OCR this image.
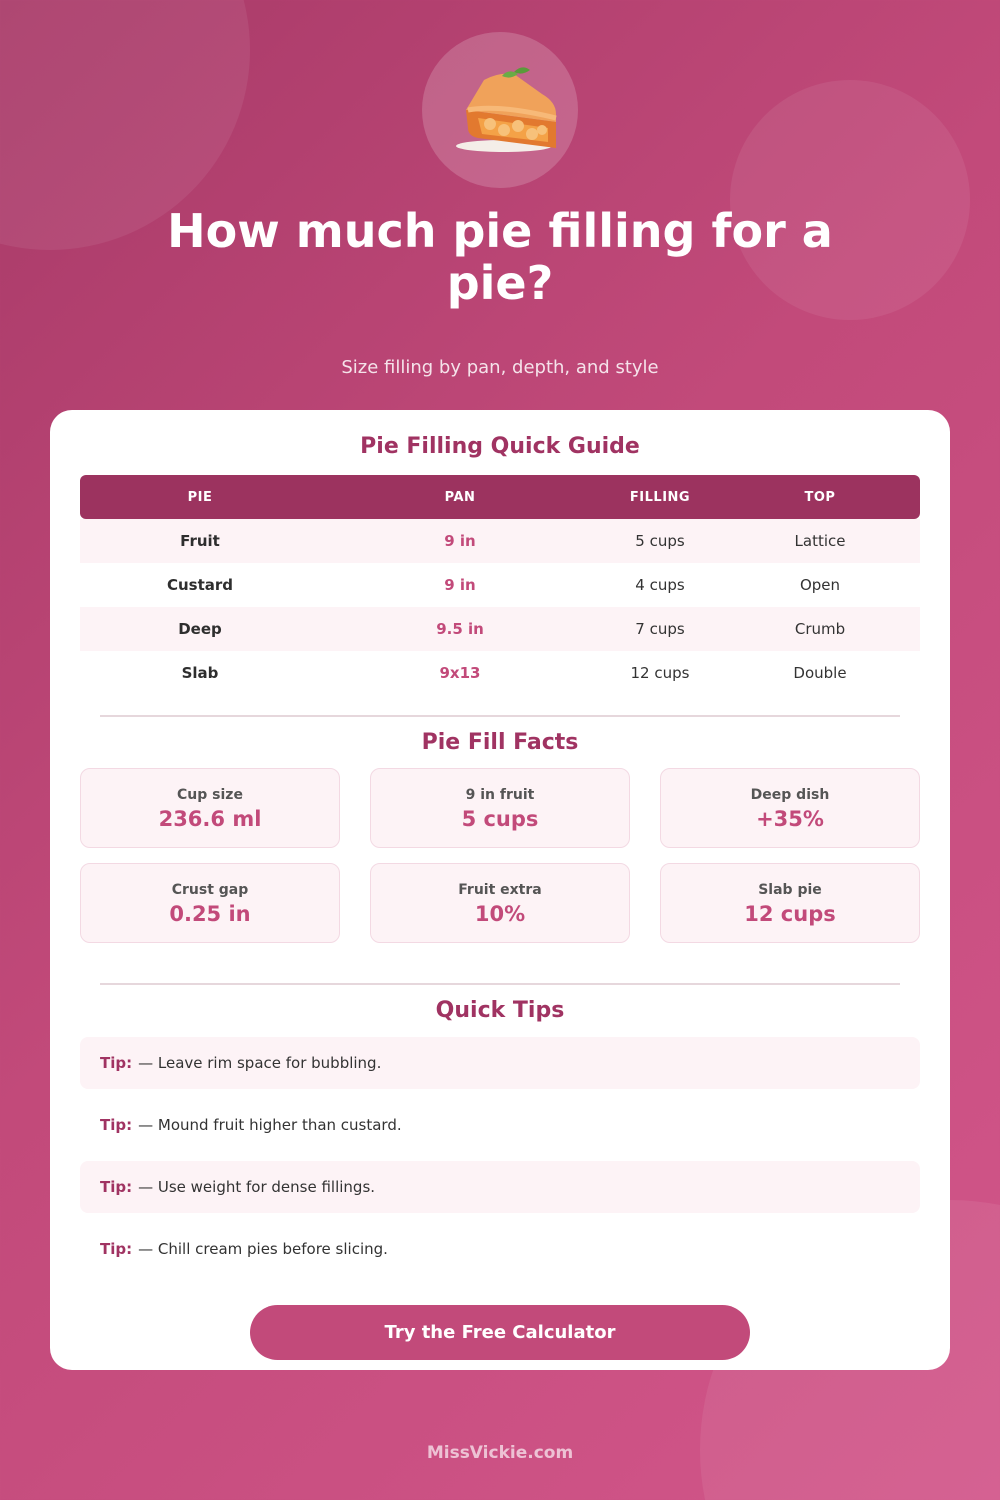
How much pie filling for a pie?
Size filling by pan, depth, and style
Pie Filling Quick Guide
PIE	PAN	FILLING	TOP
Fruit	9 in	5 cups	Lattice
Custard	9 in	4 cups	Open
Deep	9.5 in	7 cups	Crumb
Slab	9x13	12 cups	Double
Pie Fill Facts
Cup size
236.6 ml
9 in fruit
5 cups
Deep dish
+35%
Crust gap
0.25 in
Fruit extra
10%
Slab pie
12 cups
Quick Tips
Tip: — Leave rim space for bubbling.
Tip: — Mound fruit higher than custard.
Tip: — Use weight for dense fillings.
Tip: — Chill cream pies before slicing.
Try the Free Calculator
MissVickie.com
